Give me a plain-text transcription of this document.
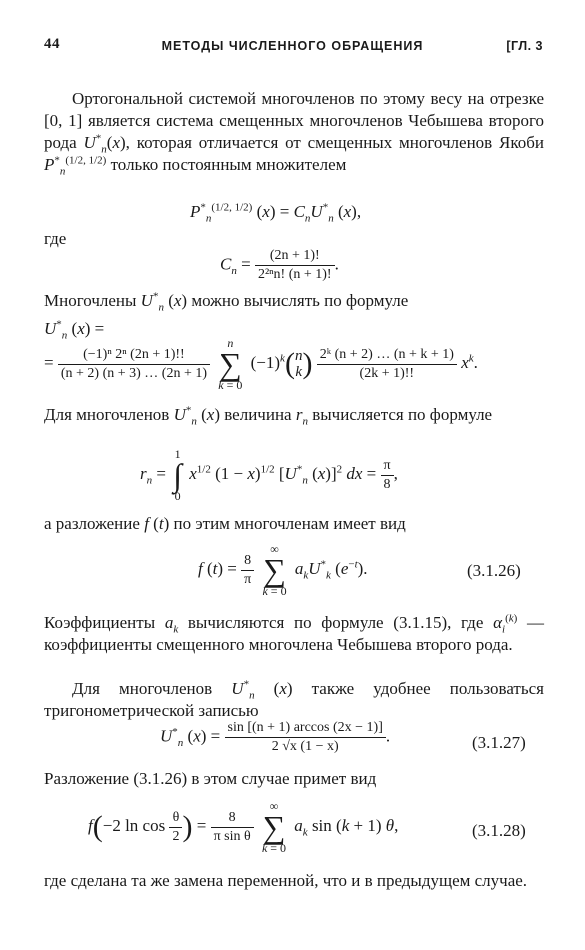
44	МЕТОДЫ ЧИСЛЕННОГО ОБРАЩЕНИЯ	[ГЛ. 3
Ортогональной системой многочленов по этому весу на отрезке [0, 1] является система смещенных многочленов Чебышева второго рода $U^*_n(x)$, которая отличается от смещенных многочленов Якоби $P^*_n^{(1/2, 1/2)}$ только постоянным множителем
$P^*_n^{(1/2, 1/2)}$ $(x) = C_nU^*_n$ (x),
где
$C_n = \frac{(2n + 1)!}{\text{2²ⁿn! (n + 1)!}}$ .
Многочлены $U^*_n$ (x) можно вычислять по формуле
$U^*_n$ (x) =
= $\frac{\text{(−1)ⁿ 2ⁿ (2n + 1)!!}}{(n + 2) (n + 3) \dots (2n + 1)}$

n
∑
k = 0
$(-1)^k(n$
$k) \frac{\text{2ᵏ (n + 2) … (n + k + 1)}}{(2k + 1)!!} x^k$.
Для многочленов $U^*_n$ (x) величина $r_n$ вычисляется по формуле
$r_n$ =
1
∫
0
$x^{1/2}$ $(1 - x)^{1/2}$ [$U^*_n$ (x)]$^2$ dx = $\frac{\pi}{8}$ ,
а разложение f (t) по этим многочленам имеет вид
f $(t) = \frac{8}{\pi}$

∞
∑
k = 0
$a_kU^*_k$ $(e^{-t})$.	(3.1.26)
Коэффициенты $a_k$ вычисляются по формуле (3.1.15), где $\alpha_i^{(k)}$ — коэффициенты смещенного многочлена Чебышева второго рода.
Для многочленов $U^*_n$ (x) также удобнее пользоваться тригонометрической записью
$U^*_n$ $(x) = \frac{\sin [(n + 1) \arccos (2x - 1)]}{2 √x (1 - x)}$ .	(3.1.27)
Разложение (3.1.26) в этом случае примет вид
f(−2 $\ln \cos \frac{\theta}{2}$ ) = $\frac{8}{\text{π sin θ}}$

∞
∑
k = 0
$a_k$ sin (k + 1) θ,	(3.1.28)
где сделана та же замена переменной, что и в предыдущем случае.
